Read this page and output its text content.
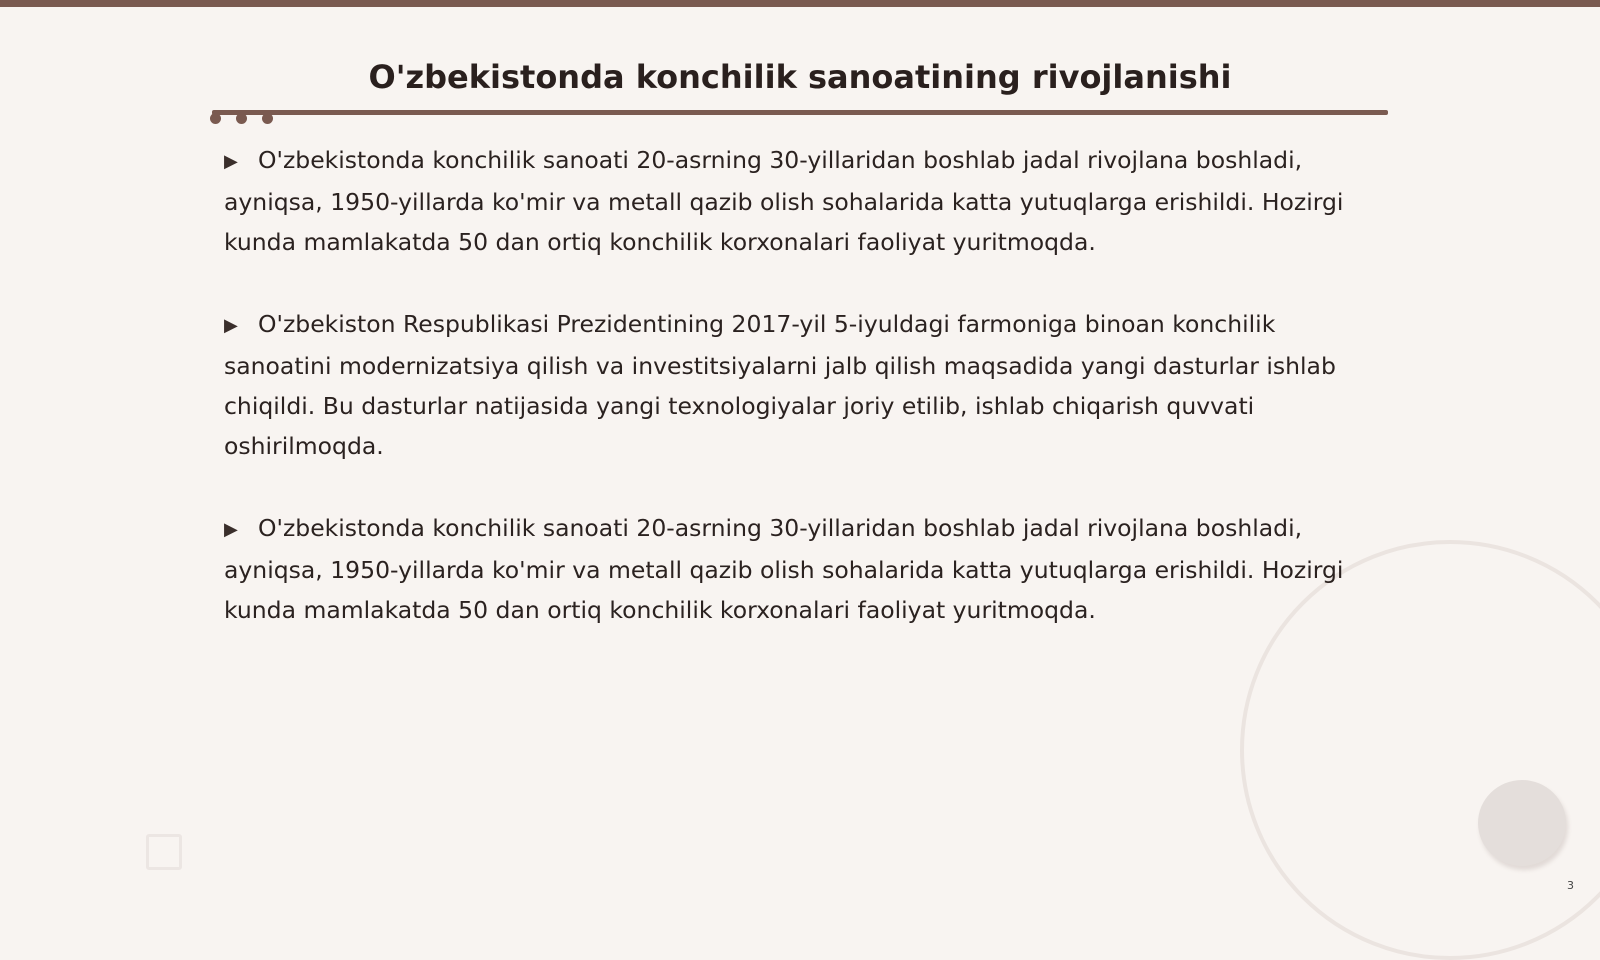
O'zbekistonda konchilik sanoatining rivojlanishi

▶ O'zbekistonda konchilik sanoati 20-asrning 30-yillaridan boshlab jadal rivojlana boshladi, ayniqsa, 1950-yillarda ko'mir va metall qazib olish sohalarida katta yutuqlarga erishildi. Hozirgi kunda mamlakatda 50 dan ortiq konchilik korxonalari faoliyat yuritmoqda.

▶ O'zbekiston Respublikasi Prezidentining 2017-yil 5-iyuldagi farmoniga binoan konchilik sanoatini modernizatsiya qilish va investitsiyalarni jalb qilish maqsadida yangi dasturlar ishlab chiqildi. Bu dasturlar natijasida yangi texnologiyalar joriy etilib, ishlab chiqarish quvvati oshirilmoqda.

▶ O'zbekistonda konchilik sanoati 20-asrning 30-yillaridan boshlab jadal rivojlana boshladi, ayniqsa, 1950-yillarda ko'mir va metall qazib olish sohalarida katta yutuqlarga erishildi. Hozirgi kunda mamlakatda 50 dan ortiq konchilik korxonalari faoliyat yuritmoqda.

3
